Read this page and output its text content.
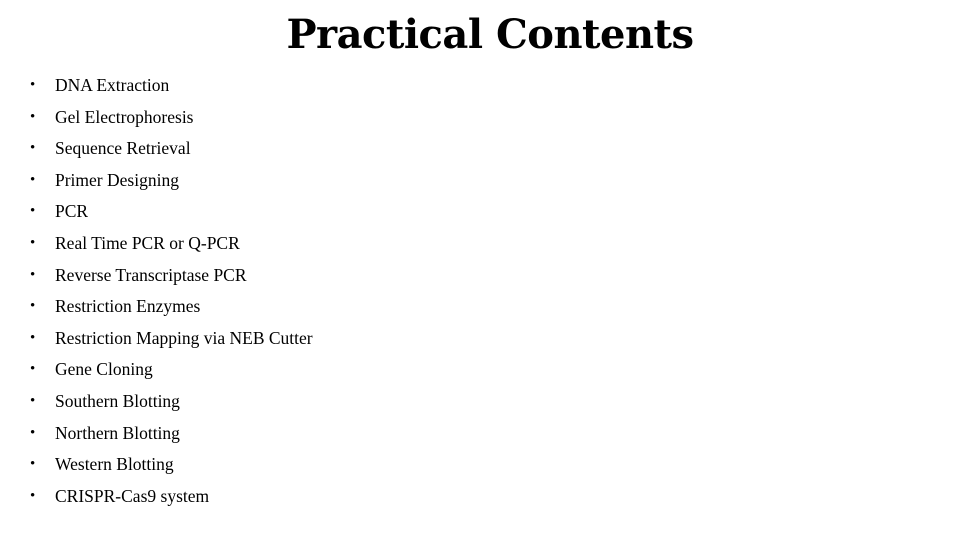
Practical Contents
•	DNA Extraction
•	Gel Electrophoresis
•	Sequence Retrieval
•	Primer Designing
•	PCR
•	Real Time PCR or Q-PCR
•	Reverse Transcriptase PCR
•	Restriction Enzymes
•	Restriction Mapping via NEB Cutter
•	Gene Cloning
•	Southern Blotting
•	Northern Blotting
•	Western Blotting
•	CRISPR-Cas9 system
